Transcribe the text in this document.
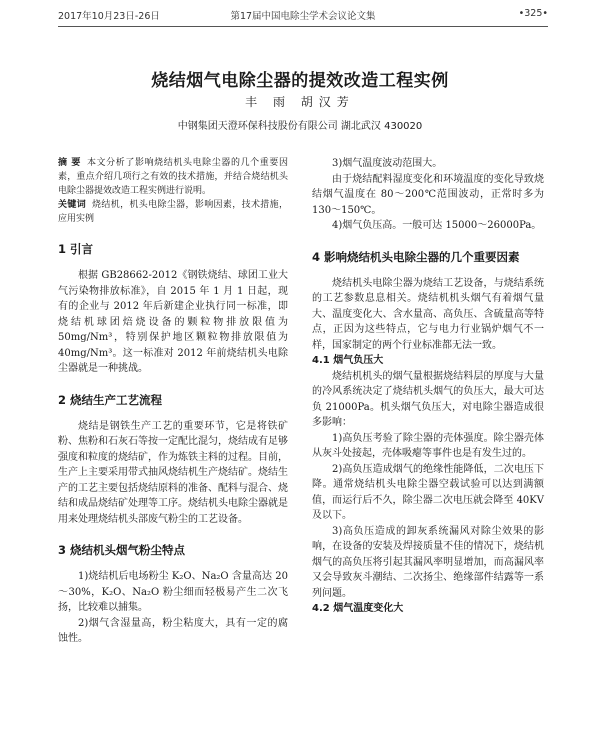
2017年10月23日-26日	第17届中国电除尘学术会议论文集	•325•
烧结烟气电除尘器的提效改造工程实例
丰 雨 胡汉芳
中钢集团天澄环保科技股份有限公司 湖北武汉 430020

摘 要 本文分析了影响烧结机头电除尘器的几个重要因素，重点介绍几项行之有效的技术措施，并结合烧结机头电除尘器提效改造工程实例进行说明。

关键词 烧结机，机头电除尘器，影响因素，技术措施，应用实例

1 引言

根据 GB28662-2012《钢铁烧结、球团工业大气污染物排放标准》，自 2015 年 1 月 1 日起，现有的企业与 2012 年后新建企业执行同一标准，即烧结机球团焙烧设备的颗粒物排放限值为 50mg/Nm³，特别保护地区颗粒物排放限值为 40mg/Nm³。这一标准对 2012 年前烧结机头电除尘器就是一种挑战。

2 烧结生产工艺流程

烧结是钢铁生产工艺的重要环节，它是将铁矿粉、焦粉和石灰石等按一定配比混匀，烧结成有足够强度和粒度的烧结矿，作为炼铁主料的过程。目前，生产上主要采用带式抽风烧结机生产烧结矿。烧结生产的工艺主要包括烧结原料的准备、配料与混合、烧结和成品烧结矿处理等工序。烧结机头电除尘器就是用来处理烧结机头部废气粉尘的工艺设备。

3 烧结机头烟气粉尘特点

1)烧结机后电场粉尘 K₂O、Na₂O 含量高达 20～30%，K₂O、Na₂O 粉尘细而轻极易产生二次飞扬，比较难以捕集。

2)烟气含湿量高，粉尘粘度大，具有一定的腐蚀性。

3)烟气温度波动范围大。

由于烧结配料湿度变化和环境温度的变化导致烧结烟气温度在 80～200℃范围波动，正常时多为 130～150℃。

4)烟气负压高。一般可达 15000～26000Pa。

4 影响烧结机头电除尘器的几个重要因素

烧结机头电除尘器为烧结工艺设备，与烧结系统的工艺参数息息相关。烧结机机头烟气有着烟气量大、温度变化大、含水量高、高负压、含硫量高等特点，正因为这些特点，它与电力行业锅炉烟气不一样，国家制定的两个行业标准都无法一致。

4.1 烟气负压大

烧结机机头的烟气量根据烧结料层的厚度与大量的冷风系统决定了烧结机头烟气的负压大，最大可达负 21000Pa。机头烟气负压大，对电除尘器造成很多影响：

1)高负压考验了除尘器的壳体强度。除尘器壳体从灰斗处接起，壳体吸瘪等事件也是有发生过的。

2)高负压造成烟气的绝缘性能降低，二次电压下降。通常烧结机头电除尘器空载试验可以达到满额值，而运行后不久，除尘器二次电压就会降至 40KV 及以下。

3)高负压造成的卸灰系统漏风对除尘效果的影响，在设备的安装及焊接质量不佳的情况下，烧结机烟气的高负压将引起其漏风率明显增加，而高漏风率又会导致灰斗潮结、二次扬尘、绝缘部件结露等一系列问题。

4.2 烟气温度变化大
